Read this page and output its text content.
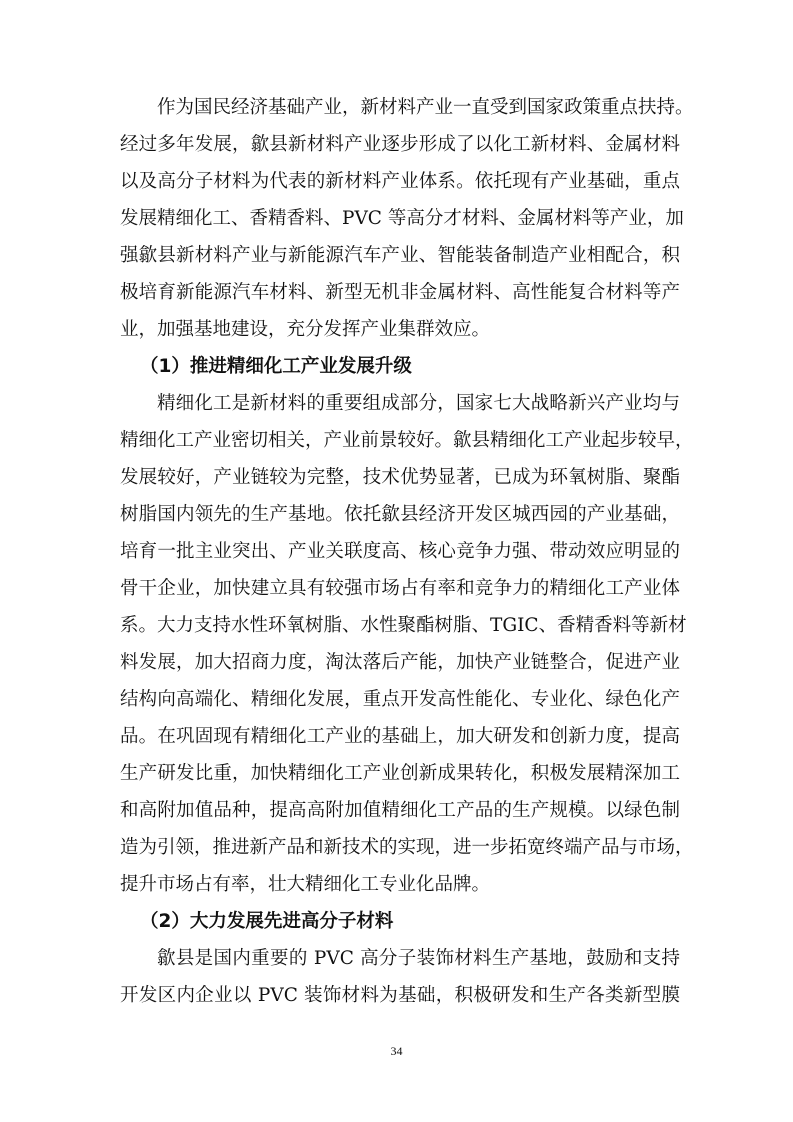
作为国民经济基础产业，新材料产业一直受到国家政策重点扶持。
经过多年发展，歙县新材料产业逐步形成了以化工新材料、金属材料
以及高分子材料为代表的新材料产业体系。依托现有产业基础，重点
发展精细化工、香精香料、PVC 等高分才材料、金属材料等产业，加
强歙县新材料产业与新能源汽车产业、智能装备制造产业相配合，积
极培育新能源汽车材料、新型无机非金属材料、高性能复合材料等产
业，加强基地建设，充分发挥产业集群效应。
（1）推进精细化工产业发展升级
精细化工是新材料的重要组成部分，国家七大战略新兴产业均与
精细化工产业密切相关，产业前景较好。歙县精细化工产业起步较早，
发展较好，产业链较为完整，技术优势显著，已成为环氧树脂、聚酯
树脂国内领先的生产基地。依托歙县经济开发区城西园的产业基础，
培育一批主业突出、产业关联度高、核心竞争力强、带动效应明显的
骨干企业，加快建立具有较强市场占有率和竞争力的精细化工产业体
系。大力支持水性环氧树脂、水性聚酯树脂、TGIC、香精香料等新材
料发展，加大招商力度，淘汰落后产能，加快产业链整合，促进产业
结构向高端化、精细化发展，重点开发高性能化、专业化、绿色化产
品。在巩固现有精细化工产业的基础上，加大研发和创新力度，提高
生产研发比重，加快精细化工产业创新成果转化，积极发展精深加工
和高附加值品种，提高高附加值精细化工产品的生产规模。以绿色制
造为引领，推进新产品和新技术的实现，进一步拓宽终端产品与市场，
提升市场占有率，壮大精细化工专业化品牌。
（2）大力发展先进高分子材料
歙县是国内重要的 PVC 高分子装饰材料生产基地，鼓励和支持
开发区内企业以 PVC 装饰材料为基础，积极研发和生产各类新型膜
34
